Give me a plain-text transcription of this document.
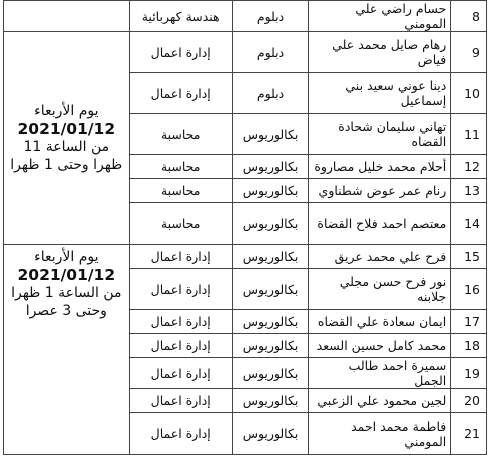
8	حسام راضي علي المومني	دبلوم	هندسة كهربائية	
9	رهام صايل محمد علي فياض	دبلوم	إدارة اعمال	يوم الأربعاء
2021/01/12
من الساعة 11 ظهرا وحتى 1 ظهرا
10	دينا عوني سعيد بني إسماعيل	دبلوم	إدارة اعمال	
11	تهاني سليمان شحادة القضاه	بكالوريوس	محاسبة	
12	أحلام محمد خليل مصاروة	بكالوريوس	محاسبة	
13	رنام عمر عوض شطناوي	بكالوريوس	محاسبة	
14	معتصم احمد فلاح القضاة	بكالوريوس	محاسبة	
15	فرح علي محمد عريق	بكالوريوس	إدارة اعمال	يوم الأربعاء
2021/01/12
من الساعة 1 ظهرا وحتى 3 عصرا
16	نور فرح حسن مجلي جلابنه	بكالوريوس	إدارة اعمال	
17	ايمان سعادة علي القضاه	بكالوريوس	إدارة اعمال	
18	محمد كامل حسين السعد	بكالوريوس	إدارة اعمال	
19	سميرة احمد طالب الجمل	بكالوريوس	إدارة اعمال	
20	لجين محمود علي الزعبي	بكالوريوس	إدارة اعمال	
21	فاطمة محمد احمد المومني	بكالوريوس	إدارة اعمال	
